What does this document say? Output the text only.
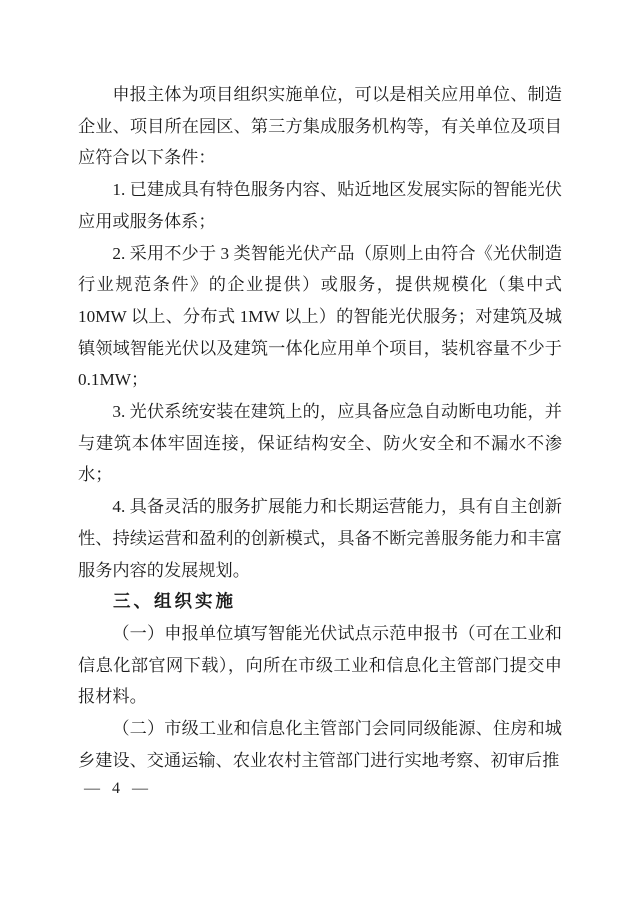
申报主体为项目组织实施单位，可以是相关应用单位、制造企业、项目所在园区、第三方集成服务机构等，有关单位及项目应符合以下条件：

1. 已建成具有特色服务内容、贴近地区发展实际的智能光伏应用或服务体系；

2. 采用不少于 3 类智能光伏产品（原则上由符合《光伏制造行业规范条件》的企业提供）或服务，提供规模化（集中式10MW 以上、分布式 1MW 以上）的智能光伏服务；对建筑及城镇领域智能光伏以及建筑一体化应用单个项目，装机容量不少于0.1MW；

3. 光伏系统安装在建筑上的，应具备应急自动断电功能，并与建筑本体牢固连接，保证结构安全、防火安全和不漏水不渗水；

4. 具备灵活的服务扩展能力和长期运营能力，具有自主创新性、持续运营和盈利的创新模式，具备不断完善服务能力和丰富服务内容的发展规划。

三、组织实施

（一）申报单位填写智能光伏试点示范申报书（可在工业和信息化部官网下载），向所在市级工业和信息化主管部门提交申报材料。

（二）市级工业和信息化主管部门会同同级能源、住房和城乡建设、交通运输、农业农村主管部门进行实地考察、初审后推

— 4 —
